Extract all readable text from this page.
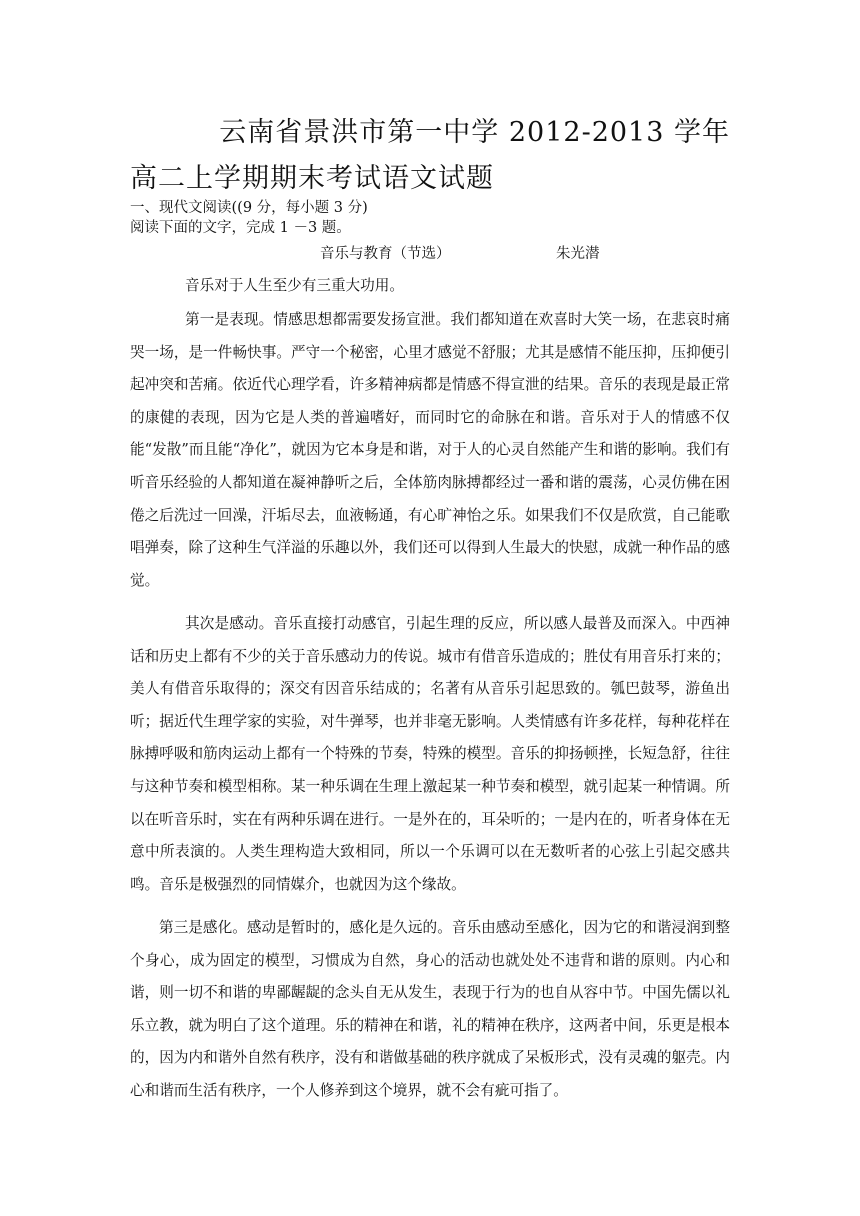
云南省景洪市第一中学 2012-2013 学年
高二上学期期末考试语文试题
一、现代文阅读((9 分，每小题 3 分)
阅读下面的文字，完成 1 －3 题。
音乐与教育（节选）	朱光潜

音乐对于人生至少有三重大功用。

第一是表现。情感思想都需要发扬宣泄。我们都知道在欢喜时大笑一场，在悲哀时痛哭一场，是一件畅快事。严守一个秘密，心里才感觉不舒服；尤其是感情不能压抑，压抑便引起冲突和苦痛。依近代心理学看，许多精神病都是情感不得宣泄的结果。音乐的表现是最正常的康健的表现，因为它是人类的普遍嗜好，而同时它的命脉在和谐。音乐对于人的情感不仅能“发散”而且能“净化”，就因为它本身是和谐，对于人的心灵自然能产生和谐的影响。我们有听音乐经验的人都知道在凝神静听之后，全体筋肉脉搏都经过一番和谐的震荡，心灵仿佛在困倦之后洗过一回澡，汗垢尽去，血液畅通，有心旷神怡之乐。如果我们不仅是欣赏，自己能歌唱弹奏，除了这种生气洋溢的乐趣以外，我们还可以得到人生最大的快慰，成就一种作品的感觉。

其次是感动。音乐直接打动感官，引起生理的反应，所以感人最普及而深入。中西神话和历史上都有不少的关于音乐感动力的传说。城市有借音乐造成的；胜仗有用音乐打来的；美人有借音乐取得的；深交有因音乐结成的；名著有从音乐引起思致的。瓠巴鼓琴，游鱼出听；据近代生理学家的实验，对牛弹琴，也并非毫无影响。人类情感有许多花样，每种花样在脉搏呼吸和筋肉运动上都有一个特殊的节奏，特殊的模型。音乐的抑扬顿挫，长短急舒，往往与这种节奏和模型相称。某一种乐调在生理上激起某一种节奏和模型，就引起某一种情调。所以在听音乐时，实在有两种乐调在进行。一是外在的，耳朵听的；一是内在的，听者身体在无意中所表演的。人类生理构造大致相同，所以一个乐调可以在无数听者的心弦上引起交感共鸣。音乐是极强烈的同情媒介，也就因为这个缘故。

第三是感化。感动是暂时的，感化是久远的。音乐由感动至感化，因为它的和谐浸润到整个身心，成为固定的模型，习惯成为自然，身心的活动也就处处不违背和谐的原则。内心和谐，则一切不和谐的卑鄙龌龊的念头自无从发生，表现于行为的也自从容中节。中国先儒以礼乐立教，就为明白了这个道理。乐的精神在和谐，礼的精神在秩序，这两者中间，乐更是根本的，因为内和谐外自然有秩序，没有和谐做基础的秩序就成了呆板形式，没有灵魂的躯壳。内心和谐而生活有秩序，一个人修养到这个境界，就不会有疵可指了。
